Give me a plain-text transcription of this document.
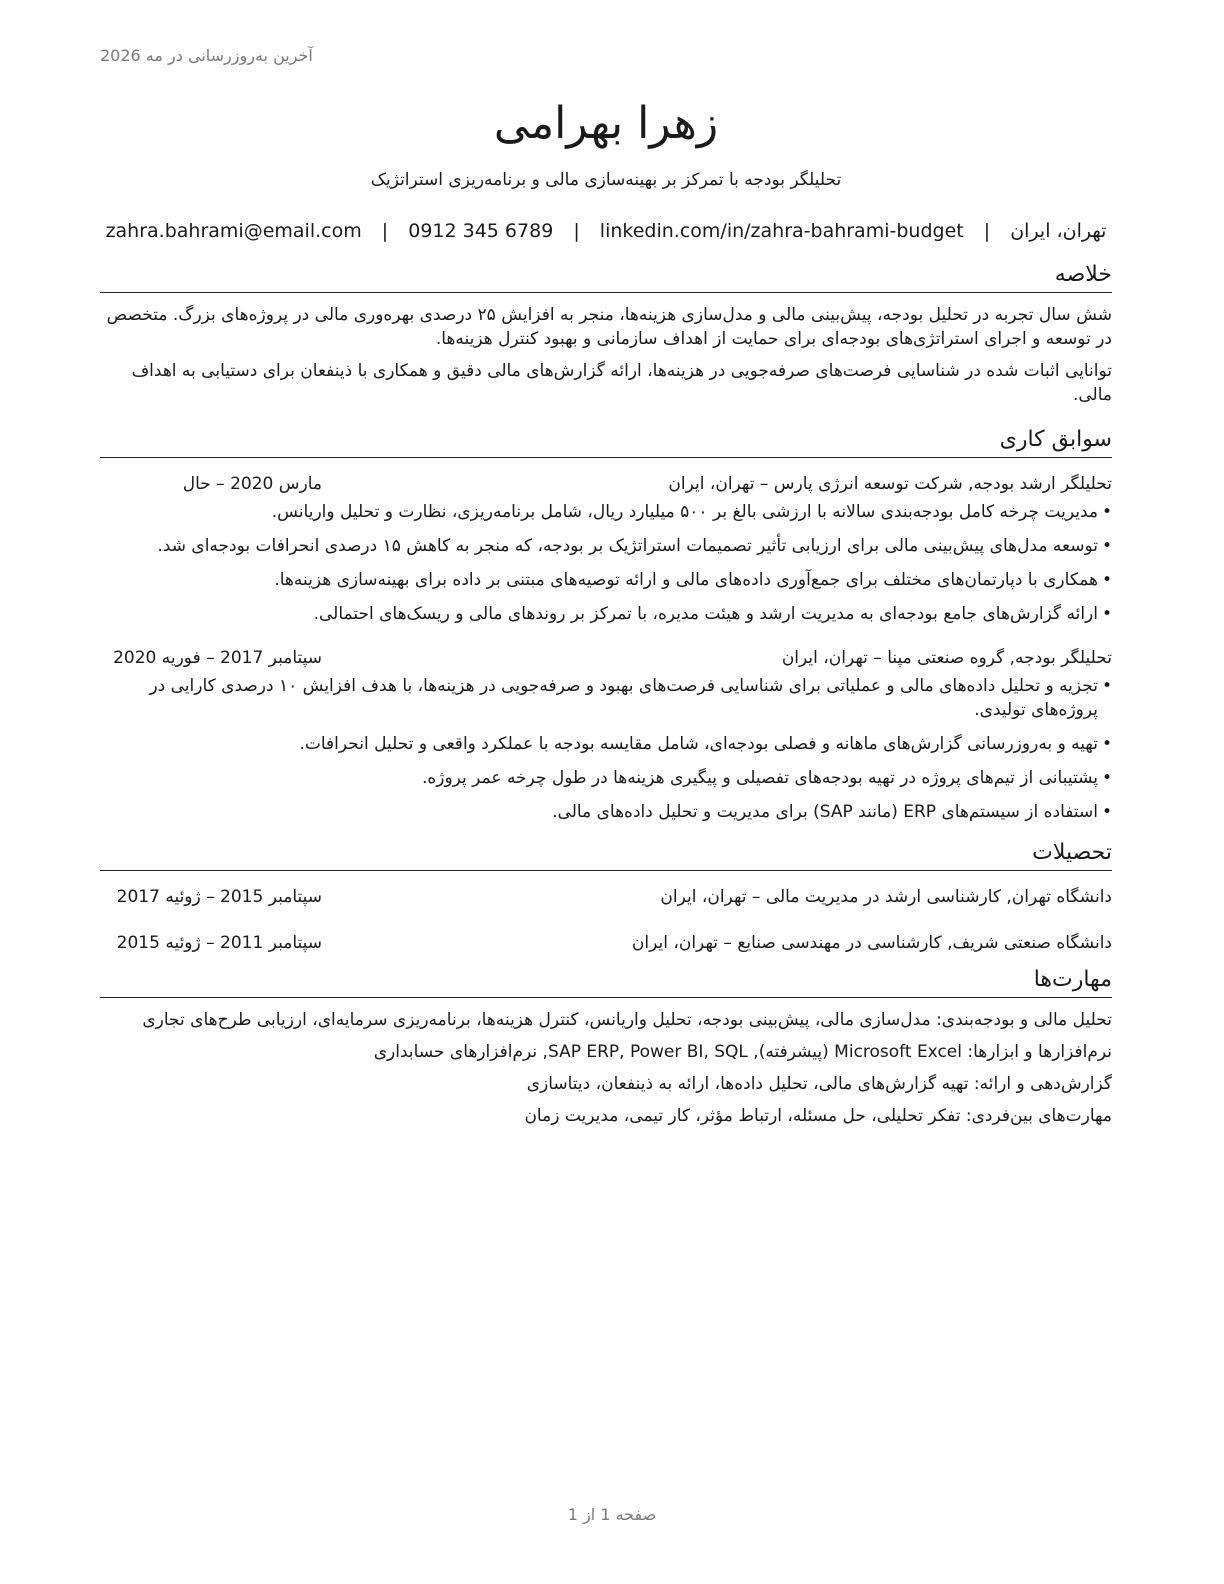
آخرین به‌روزرسانی در مه 2026
زهرا بهرامی
تحلیلگر بودجه با تمرکز بر بهینه‌سازی مالی و برنامه‌ریزی استراتژیک
تهران، ایران | zahra.bahrami@email.com | 0912 345 6789 | linkedin.com/in/zahra-bahrami-budget
خلاصه

شش سال تجربه در تحلیل بودجه، پیش‌بینی مالی و مدل‌سازی هزینه‌ها، منجر به افزایش ۲۵ درصدی بهره‌وری مالی در پروژه‌های بزرگ. متخصص در توسعه و اجرای استراتژی‌های بودجه‌ای برای حمایت از اهداف سازمانی و بهبود کنترل هزینه‌ها.

توانایی اثبات شده در شناسایی فرصت‌های صرفه‌جویی در هزینه‌ها، ارائه گزارش‌های مالی دقیق و همکاری با ذینفعان برای دستیابی به اهداف مالی.

سوابق کاری
تحلیلگر ارشد بودجه, شرکت توسعه انرژی پارس – تهران، ایران
مارس 2020 – حال
• مدیریت چرخه کامل بودجه‌بندی سالانه با ارزشی بالغ بر ۵۰۰ میلیارد ریال، شامل برنامه‌ریزی، نظارت و تحلیل واریانس.
• توسعه مدل‌های پیش‌بینی مالی برای ارزیابی تأثیر تصمیمات استراتژیک بر بودجه، که منجر به کاهش ۱۵ درصدی انحرافات بودجه‌ای شد.
• همکاری با دپارتمان‌های مختلف برای جمع‌آوری داده‌های مالی و ارائه توصیه‌های مبتنی بر داده برای بهینه‌سازی هزینه‌ها.
• ارائه گزارش‌های جامع بودجه‌ای به مدیریت ارشد و هیئت مدیره، با تمرکز بر روندهای مالی و ریسک‌های احتمالی.
تحلیلگر بودجه, گروه صنعتی مپنا – تهران، ایران
سپتامبر 2017 – فوریه 2020
• تجزیه و تحلیل داده‌های مالی و عملیاتی برای شناسایی فرصت‌های بهبود و صرفه‌جویی در هزینه‌ها، با هدف افزایش ۱۰ درصدی کارایی در پروژه‌های تولیدی.
• تهیه و به‌روزرسانی گزارش‌های ماهانه و فصلی بودجه‌ای، شامل مقایسه بودجه با عملکرد واقعی و تحلیل انحرافات.
• پشتیبانی از تیم‌های پروژه در تهیه بودجه‌های تفصیلی و پیگیری هزینه‌ها در طول چرخه عمر پروژه.
• استفاده از سیستم‌های ERP (مانند SAP) برای مدیریت و تحلیل داده‌های مالی.
تحصیلات
دانشگاه تهران, کارشناسی ارشد در مدیریت مالی – تهران، ایران
سپتامبر 2015 – ژوئیه 2017
دانشگاه صنعتی شریف, کارشناسی در مهندسی صنایع – تهران، ایران
سپتامبر 2011 – ژوئیه 2015
مهارت‌ها

تحلیل مالی و بودجه‌بندی: مدل‌سازی مالی، پیش‌بینی بودجه، تحلیل واریانس، کنترل هزینه‌ها، برنامه‌ریزی سرمایه‌ای، ارزیابی طرح‌های تجاری

نرم‌افزارها و ابزارها: Microsoft Excel (پیشرفته), SAP ERP, Power BI, SQL, نرم‌افزارهای حسابداری

گزارش‌دهی و ارائه: تهیه گزارش‌های مالی، تحلیل داده‌ها، ارائه به ذینفعان، دیتاسازی

مهارت‌های بین‌فردی: تفکر تحلیلی، حل مسئله، ارتباط مؤثر، کار تیمی، مدیریت زمان

صفحه 1 از 1
